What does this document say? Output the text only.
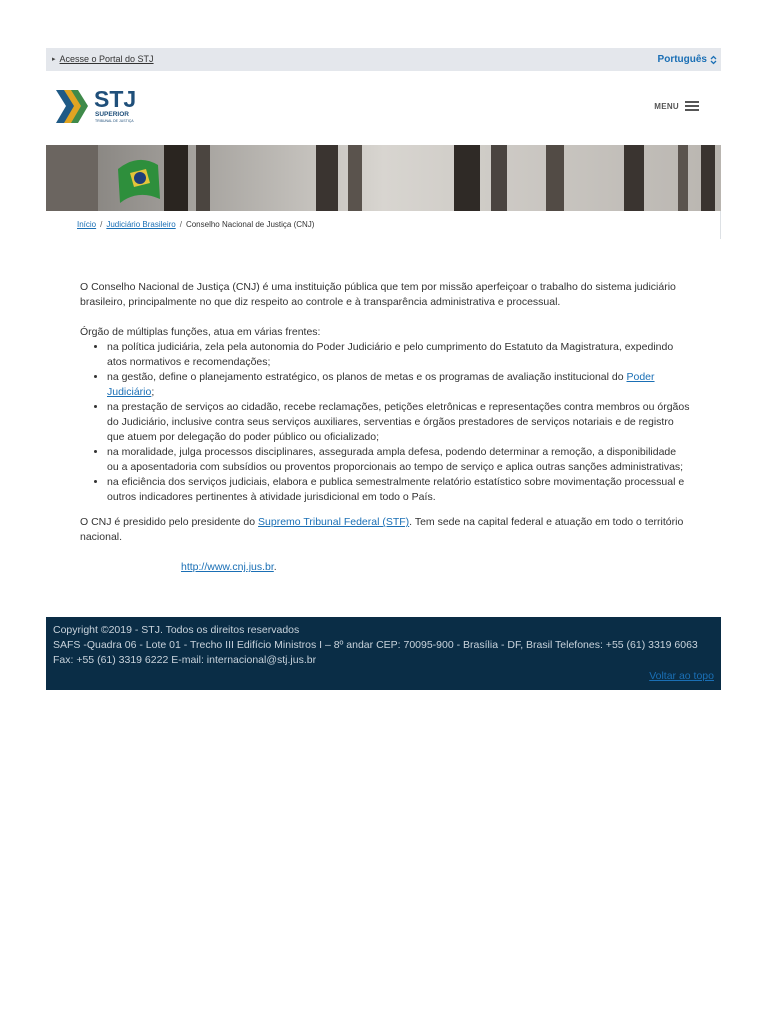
▸ Acesse o Portal do STJ	Português
STJ
SUPERIOR
TRIBUNAL DE JUSTIÇA
MENU
Início / Judiciário Brasileiro / Conselho Nacional de Justiça (CNJ)

O Conselho Nacional de Justiça (CNJ) é uma instituição pública que tem por missão aperfeiçoar o trabalho do sistema judiciário brasileiro, principalmente no que diz respeito ao controle e à transparência administrativa e processual.

Órgão de múltiplas funções, atua em várias frentes:

• na política judiciária, zela pela autonomia do Poder Judiciário e pelo cumprimento do Estatuto da Magistratura, expedindo atos normativos e recomendações;
• na gestão, define o planejamento estratégico, os planos de metas e os programas de avaliação institucional do Poder Judiciário;
• na prestação de serviços ao cidadão, recebe reclamações, petições eletrônicas e representações contra membros ou órgãos do Judiciário, inclusive contra seus serviços auxiliares, serventias e órgãos prestadores de serviços notariais e de registro que atuem por delegação do poder público ou oficializado;
• na moralidade, julga processos disciplinares, assegurada ampla defesa, podendo determinar a remoção, a disponibilidade ou a aposentadoria com subsídios ou proventos proporcionais ao tempo de serviço e aplica outras sanções administrativas;
• na eficiência dos serviços judiciais, elabora e publica semestralmente relatório estatístico sobre movimentação processual e outros indicadores pertinentes à atividade jurisdicional em todo o País.

O CNJ é presidido pelo presidente do Supremo Tribunal Federal (STF). Tem sede na capital federal e atuação em todo o território nacional.

http://www.cnj.jus.br.

Copyright ©2019 - STJ. Todos os direitos reservados
SAFS -Quadra 06 - Lote 01 - Trecho III Edifício Ministros I – 8º andar CEP: 70095-900 - Brasília - DF, Brasil Telefones: +55 (61) 3319 6063 Fax: +55 (61) 3319 6222 E-mail: internacional@stj.jus.br
Voltar ao topo
